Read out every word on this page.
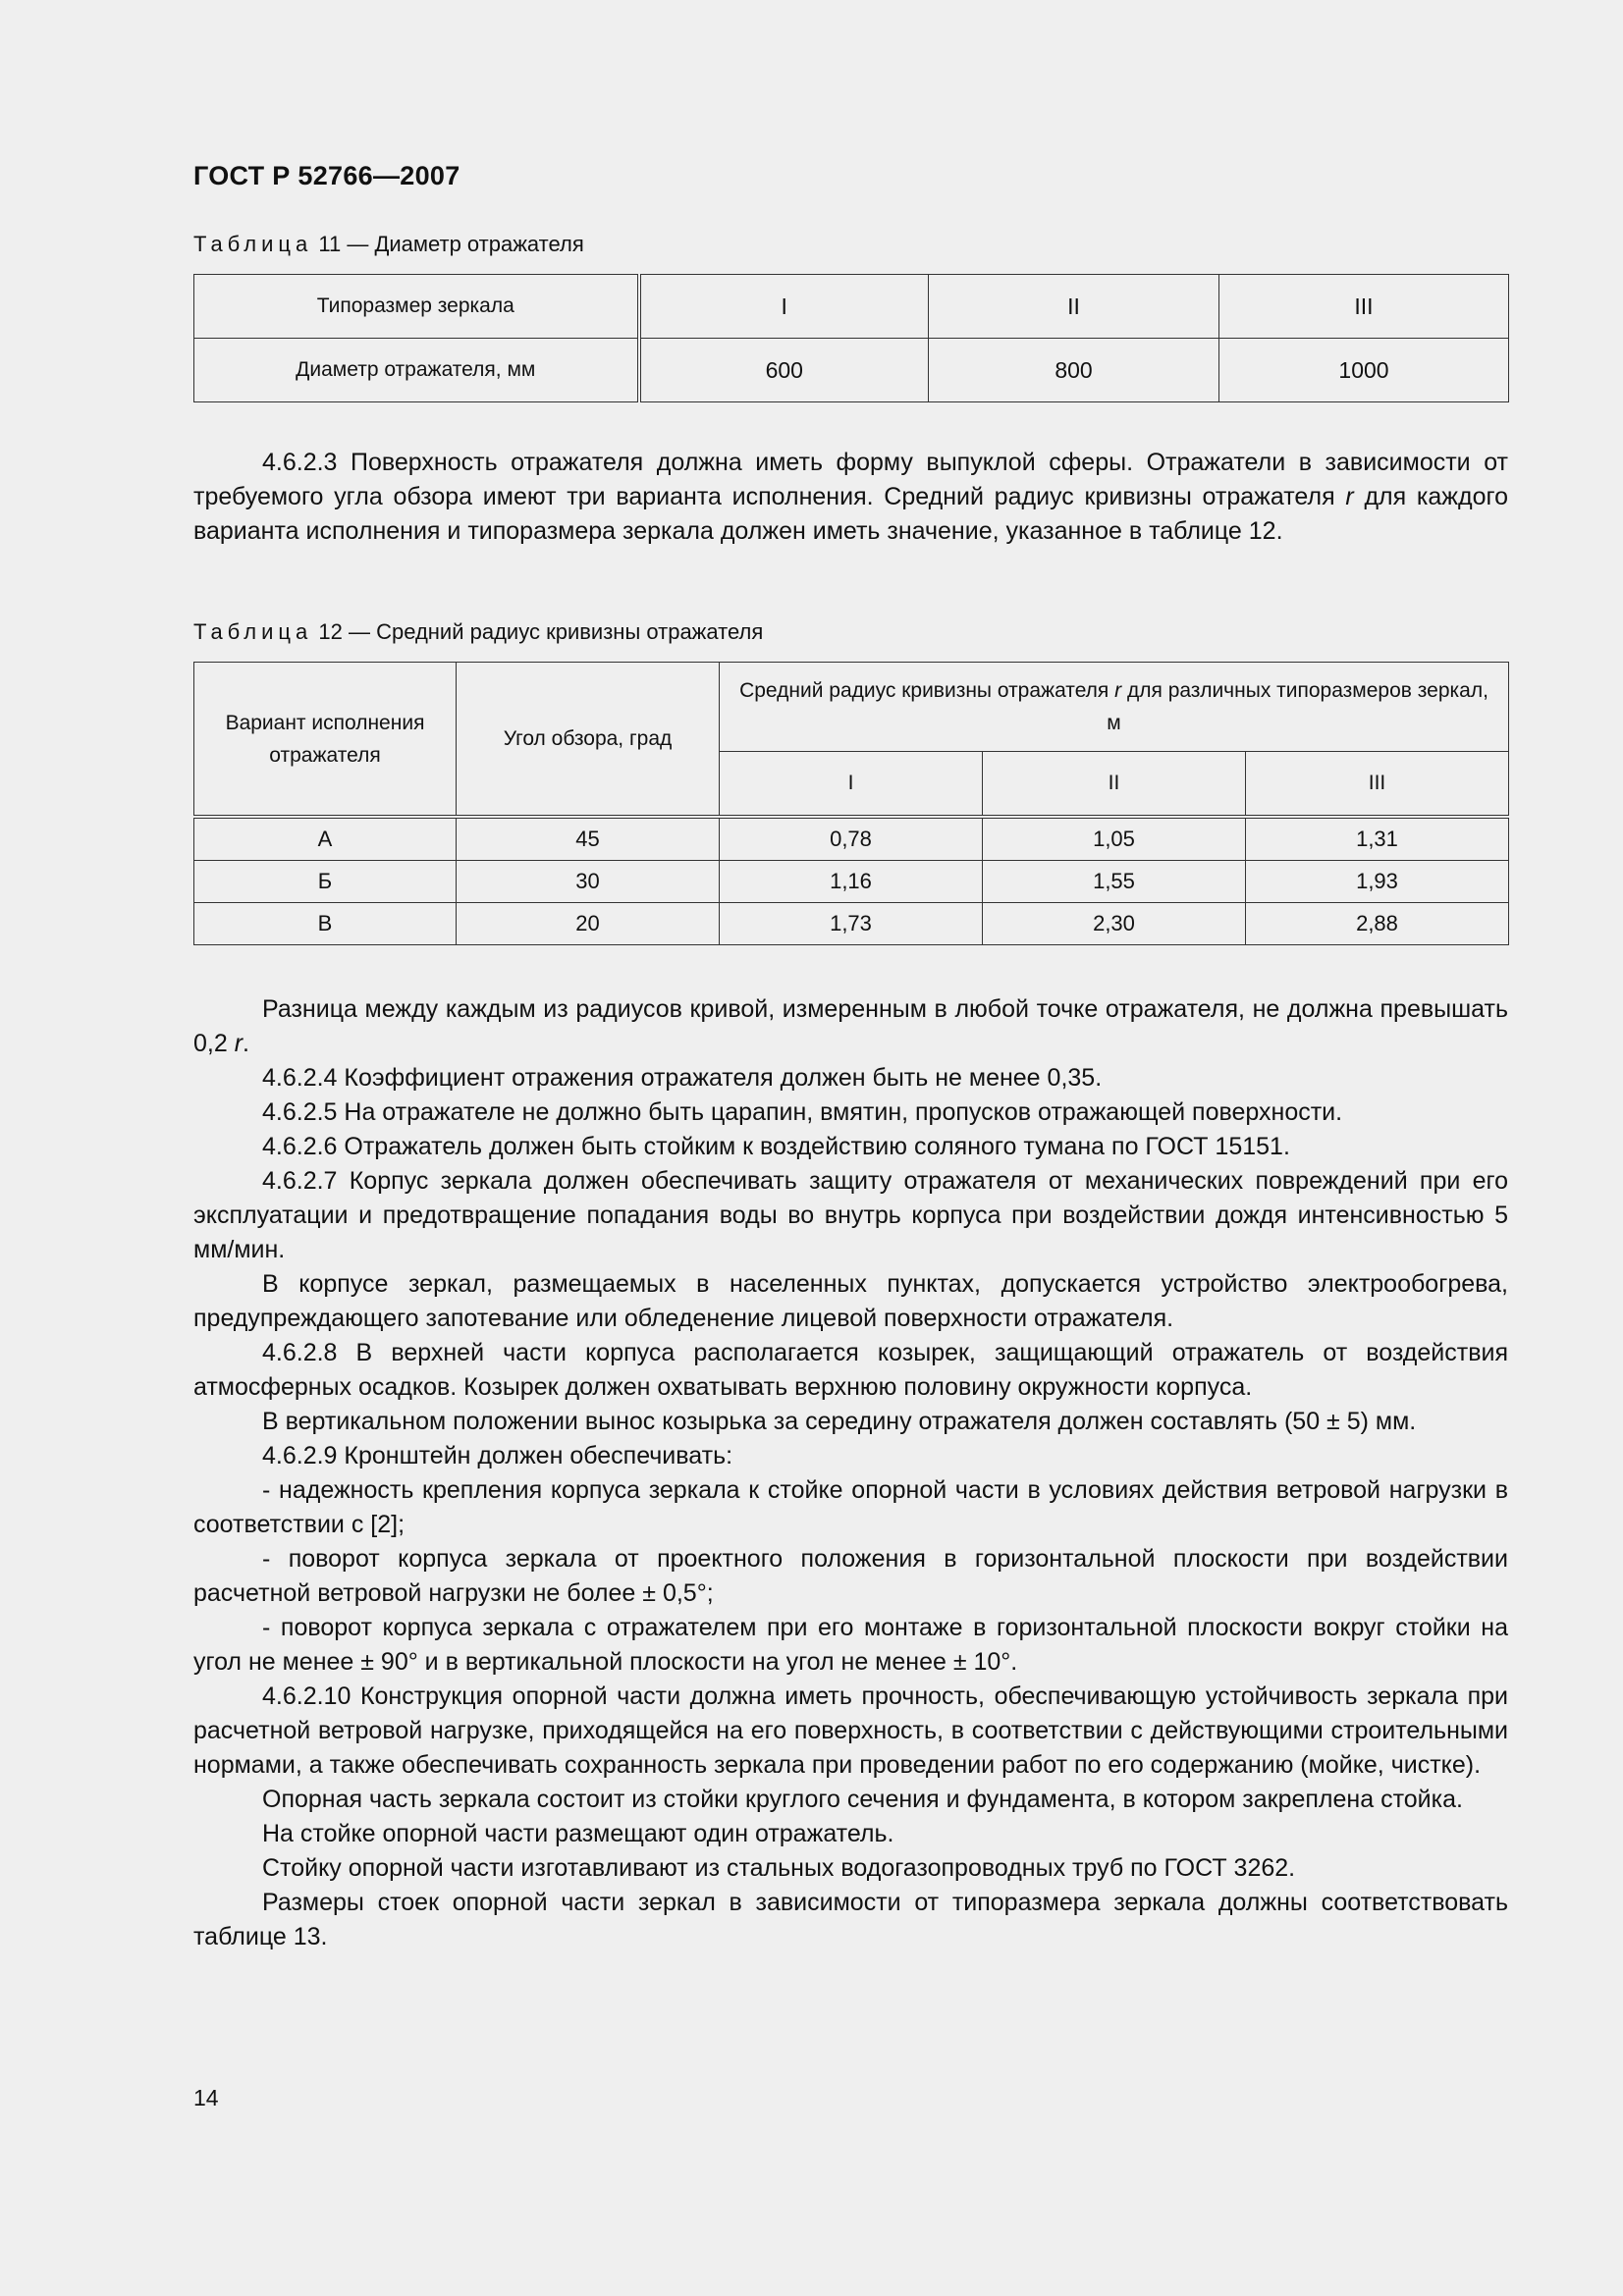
ГОСТ Р 52766—2007
Таблица 11 — Диаметр отражателя
Типоразмер зеркала	I	II	III
Диаметр отражателя, мм	600	800	1000

4.6.2.3 Поверхность отражателя должна иметь форму выпуклой сферы. Отражатели в зависимости от требуемого угла обзора имеют три варианта исполнения. Средний радиус кривизны отражателя r для каждого варианта исполнения и типоразмера зеркала должен иметь значение, указанное в таблице 12.

Таблица 12 — Средний радиус кривизны отражателя
Вариант исполнения отражателя	Угол обзора, град	Средний радиус кривизны отражателя r для различных типоразмеров зеркал, м		
		I	II	III
А	45	0,78	1,05	1,31
Б	30	1,16	1,55	1,93
В	20	1,73	2,30	2,88

Разница между каждым из радиусов кривой, измеренным в любой точке отражателя, не должна превышать 0,2 r.

4.6.2.4 Коэффициент отражения отражателя должен быть не менее 0,35.

4.6.2.5 На отражателе не должно быть царапин, вмятин, пропусков отражающей поверхности.

4.6.2.6 Отражатель должен быть стойким к воздействию соляного тумана по ГОСТ 15151.

4.6.2.7 Корпус зеркала должен обеспечивать защиту отражателя от механических повреждений при его эксплуатации и предотвращение попадания воды во внутрь корпуса при воздействии дождя интенсивностью 5 мм/мин.

В корпусе зеркал, размещаемых в населенных пунктах, допускается устройство электрообогрева, предупреждающего запотевание или обледенение лицевой поверхности отражателя.

4.6.2.8 В верхней части корпуса располагается козырек, защищающий отражатель от воздействия атмосферных осадков. Козырек должен охватывать верхнюю половину окружности корпуса.

В вертикальном положении вынос козырька за середину отражателя должен составлять (50 ± 5) мм.

4.6.2.9 Кронштейн должен обеспечивать:

- надежность крепления корпуса зеркала к стойке опорной части в условиях действия ветровой нагрузки в соответствии с [2];

- поворот корпуса зеркала от проектного положения в горизонтальной плоскости при воздействии расчетной ветровой нагрузки не более ± 0,5°;

- поворот корпуса зеркала с отражателем при его монтаже в горизонтальной плоскости вокруг стойки на угол не менее ± 90° и в вертикальной плоскости на угол не менее ± 10°.

4.6.2.10 Конструкция опорной части должна иметь прочность, обеспечивающую устойчивость зеркала при расчетной ветровой нагрузке, приходящейся на его поверхность, в соответствии с действующими строительными нормами, а также обеспечивать сохранность зеркала при проведении работ по его содержанию (мойке, чистке).

Опорная часть зеркала состоит из стойки круглого сечения и фундамента, в котором закреплена стойка.

На стойке опорной части размещают один отражатель.

Стойку опорной части изготавливают из стальных водогазопроводных труб по ГОСТ 3262.

Размеры стоек опорной части зеркал в зависимости от типоразмера зеркала должны соответствовать таблице 13.

14
